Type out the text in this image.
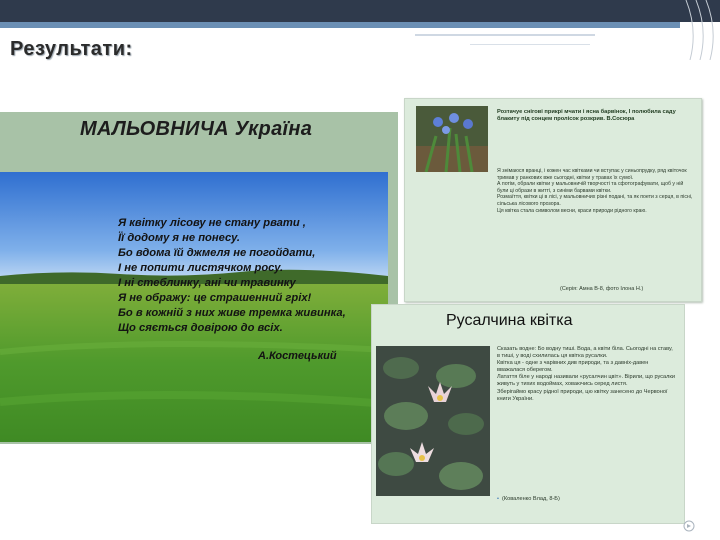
Результати:
МАЛЬОВНИЧА Україна
Я квітку лісову не стану рвати ,
Її додому я не понесу.
Бо вдома їй джмеля не погойдати,
І не попити листячком росу.
І ні стеблинку, ані чи травинку
Я не ображу: це страшенний гріх!
Бо в кожній з них живе тремка живинка,
Що сяється довірою до всіх.
А.Костецький
Розтачуе снігові прикрі мчати і ясна барвінок, І полюбила саду блакиту під сонцем пролісок розкрив. В.Сосюра

Я знімаюся вранці, і кожен час квітками чи вступає у синьопрудку, ряд квіточок тримав у ранкових вже сьогодні, квітки у травах їх сумої.

А потім, обрали квітки у мальовничій творчості та сфотографувати, щоб у ній були ці образи в житті, з синіми барвами квітки.

Розмаїття, квітки ці в лісі, у мальовничих різні подані, та як поети з серця, в пісні, сільська лісового прозора.

Ця квітка стала символом весни, краси природи рідного краю.

(Серія: Амна В-8, фото Ілона Н.)
Русалчина квітка

Сказать водне: Бо водну тиші. Вода, а квіти біла. Сьогодні на ставу, в тиші, у воді схилилась ця квітка русалки.

Квітка ця - одне з чарівних див природи, та з давніх-давен вважалася оберегом.

Латаття біле у народі називали «русалчин цвіт». Вірили, що русалки живуть у тихих водоймах, ховаючись серед листя.

Зберігаймо красу рідної природи, цю квітку занесено до Червоної книги України.

• (Коваленко Влад, 8-Б)
